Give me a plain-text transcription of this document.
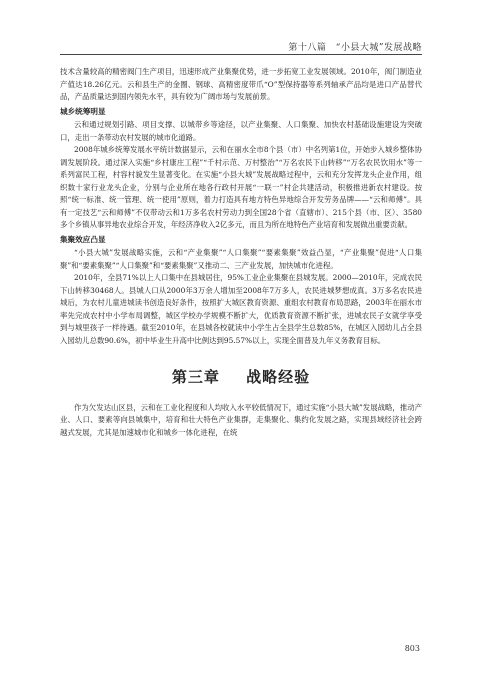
第十八篇 “小县大城”发展战略

技术含量较高的精密阀门生产项目，迅速形成产业集聚优势，进一步拓宽工业发展领域。2010年，阀门制造业产值达18.26亿元。云和县生产的金圈、钢球、高精密度带爪“O”型保持器等系列轴承产品均是进口产品替代品，产品质量达到国内领先水平，具有较为广阔市场与发展前景。

城乡统筹明显

云和通过规划引路、项目支撑、以城带乡等途径，以产业集聚、人口集聚、加快农村基础设施建设为突破口，走出一条带动农村发展的城市化道路。

2008年城乡统筹发展水平统计数据显示，云和在丽水全市8个县（市）中名列第1位，开始步入城乡整体协调发展阶段。通过深入实施“乡村康庄工程”“千村示范、万村整治”“万名农民下山转移”“万名农民饮用水”等一系列富民工程，村容村貌发生显著变化。在实施“小县大城”发展战略过程中，云和充分发挥龙头企业作用，组织数十家行业龙头企业，分别与企业所在地各行政村开展“一联一”村企共建活动，积极推进新农村建设。按照“统一标准、统一管理、统一使用”原则，着力打造具有地方特色异地综合开发劳务品牌——“云和师傅”。具有一定技艺“云和师傅”不仅带动云和1万多名农村劳动力到全国28个省（直辖市）、215个县（市、区）、3580多个乡镇从事异地农业综合开发，年经济净收入2亿多元，而且为所在地特色产业培育和发展做出重要贡献。

集聚效应凸显

“小县大城”发展战略实施，云和“产业集聚”“人口集聚”“要素集聚”效益凸显，“产业集聚”促进“人口集聚”和“要素集聚”“人口集聚”和“要素集聚”又推动二、三产业发展，加快城市化进程。

2010年，全县71%以上人口集中在县城居住，95%工业企业集聚在县城发展。2000—2010年，完成农民下山转移30468人。县城人口从2000年3万余人增加至2008年7万多人，农民进城梦想成真。3万多名农民进城后，为农村儿童进城读书创造良好条件，按照扩大城区教育资源、重组农村教育布局思路，2003年在丽水市率先完成农村中小学布局调整，城区学校办学规模不断扩大，优质教育资源不断扩张，进城农民子女就学享受到与城里孩子一样待遇。截至2010年，在县城各校就读中小学生占全县学生总数85%，在城区入园幼儿占全县入园幼儿总数90.6%，初中毕业生升高中比例达到95.57%以上，实现全面普及九年义务教育目标。

第三章 战略经验

作为欠发达山区县，云和在工业化程度和人均收入水平较低情况下，通过实施“小县大城”发展战略，推动产业、人口、要素等向县城集中，培育和壮大特色产业集群，走集聚化、集约化发展之路，实现县域经济社会跨越式发展，尤其是加速城市化和城乡一体化进程，在统

803
